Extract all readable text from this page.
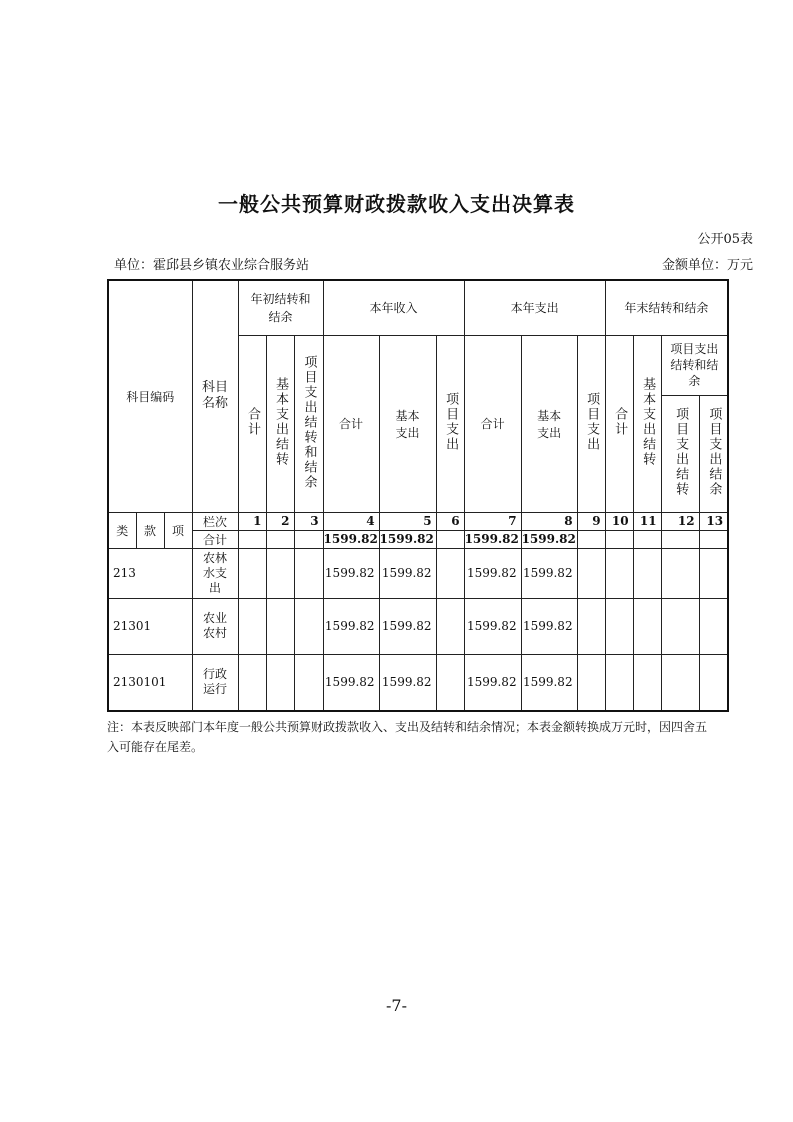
一般公共预算财政拨款收入支出决算表
公开05表
单位：霍邱县乡镇农业综合服务站	金额单位：万元
科目编码			科目名称	年初结转和结余			本年收入			本年支出			年末结转和结余			
				合计	基本支出结转	项目支出结转和结余	合计	基本支出	项目支出	合计	基本支出	项目支出	合计	基本支出结转	项目支出结转和结余	

															项目支出结转	项目支出结余
类	款	项	栏次	1	2	3	4	5	6	7	8	9	10	11	12	13
			合计				1599.82	1599.82		1599.82	1599.82					
213			农林水支出				1599.82	1599.82		1599.82	1599.82					
21301			农业农村				1599.82	1599.82		1599.82	1599.82					
2130101			行政运行				1599.82	1599.82		1599.82	1599.82					
注：本表反映部门本年度一般公共预算财政拨款收入、支出及结转和结余情况；本表金额转换成万元时，因四舍五入可能存在尾差。
-7-
